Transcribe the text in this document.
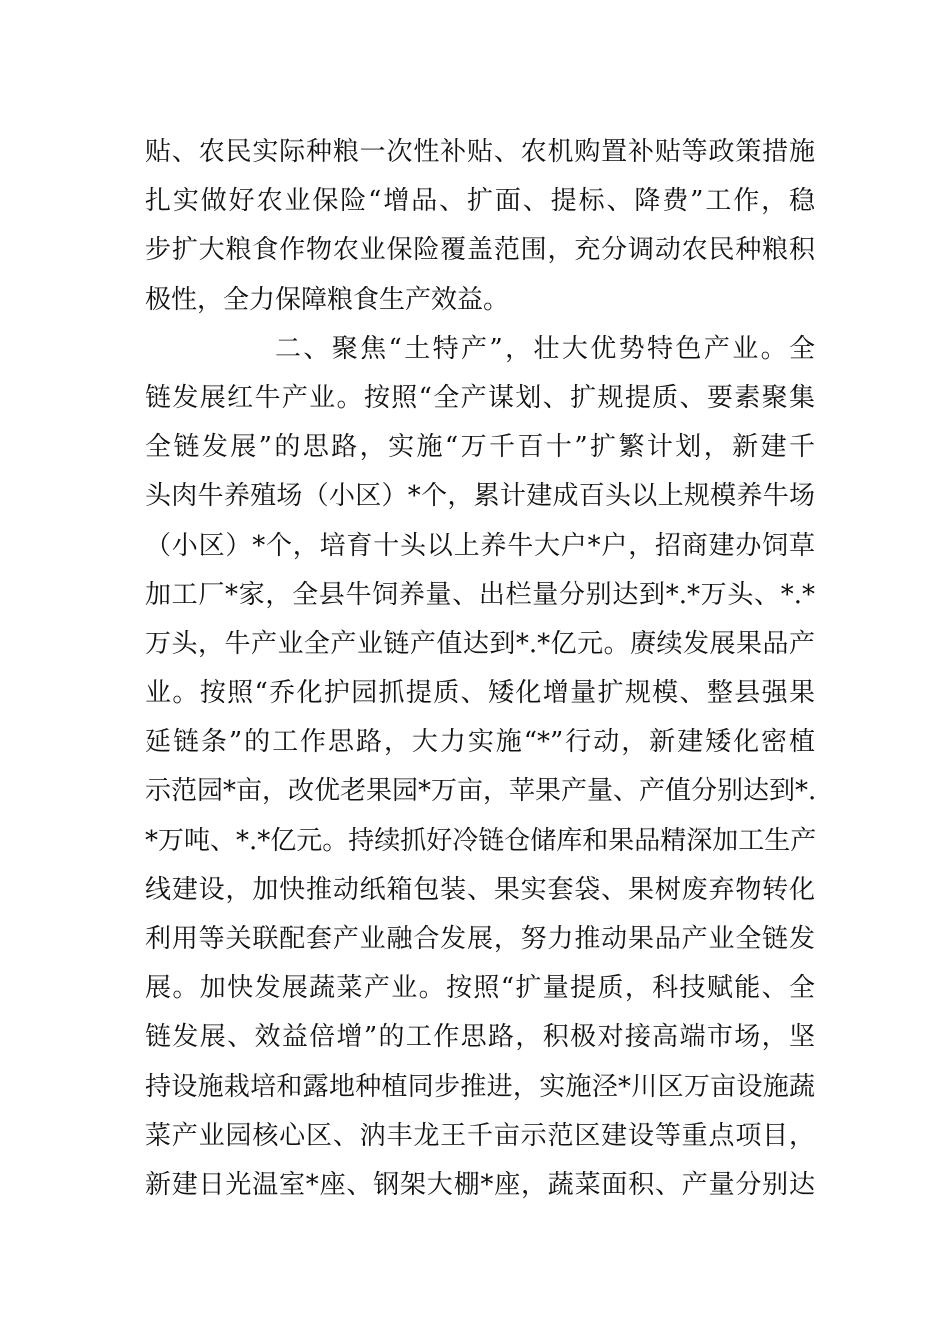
贴、农民实际种粮一次性补贴、农机购置补贴等政策措施
扎实做好农业保险“增品、扩面、提标、降费”工作，稳
步扩大粮食作物农业保险覆盖范围，充分调动农民种粮积
极性，全力保障粮食生产效益。
二、聚焦“土特产”，壮大优势特色产业。全
链发展红牛产业。按照“全产谋划、扩规提质、要素聚集
全链发展”的思路，实施“万千百十”扩繁计划，新建千
头肉牛养殖场（小区）*个，累计建成百头以上规模养牛场
（小区）*个，培育十头以上养牛大户*户，招商建办饲草
加工厂*家，全县牛饲养量、出栏量分别达到*.*万头、*.*
万头，牛产业全产业链产值达到*.*亿元。赓续发展果品产
业。按照“乔化护园抓提质、矮化增量扩规模、整县强果
延链条”的工作思路，大力实施“*”行动，新建矮化密植
示范园*亩，改优老果园*万亩，苹果产量、产值分别达到*.
*万吨、*.*亿元。持续抓好冷链仓储库和果品精深加工生产
线建设，加快推动纸箱包装、果实套袋、果树废弃物转化
利用等关联配套产业融合发展，努力推动果品产业全链发
展。加快发展蔬菜产业。按照“扩量提质，科技赋能、全
链发展、效益倍增”的工作思路，积极对接高端市场，坚
持设施栽培和露地种植同步推进，实施泾*川区万亩设施蔬
菜产业园核心区、汭丰龙王千亩示范区建设等重点项目，
新建日光温室*座、钢架大棚*座，蔬菜面积、产量分别达
